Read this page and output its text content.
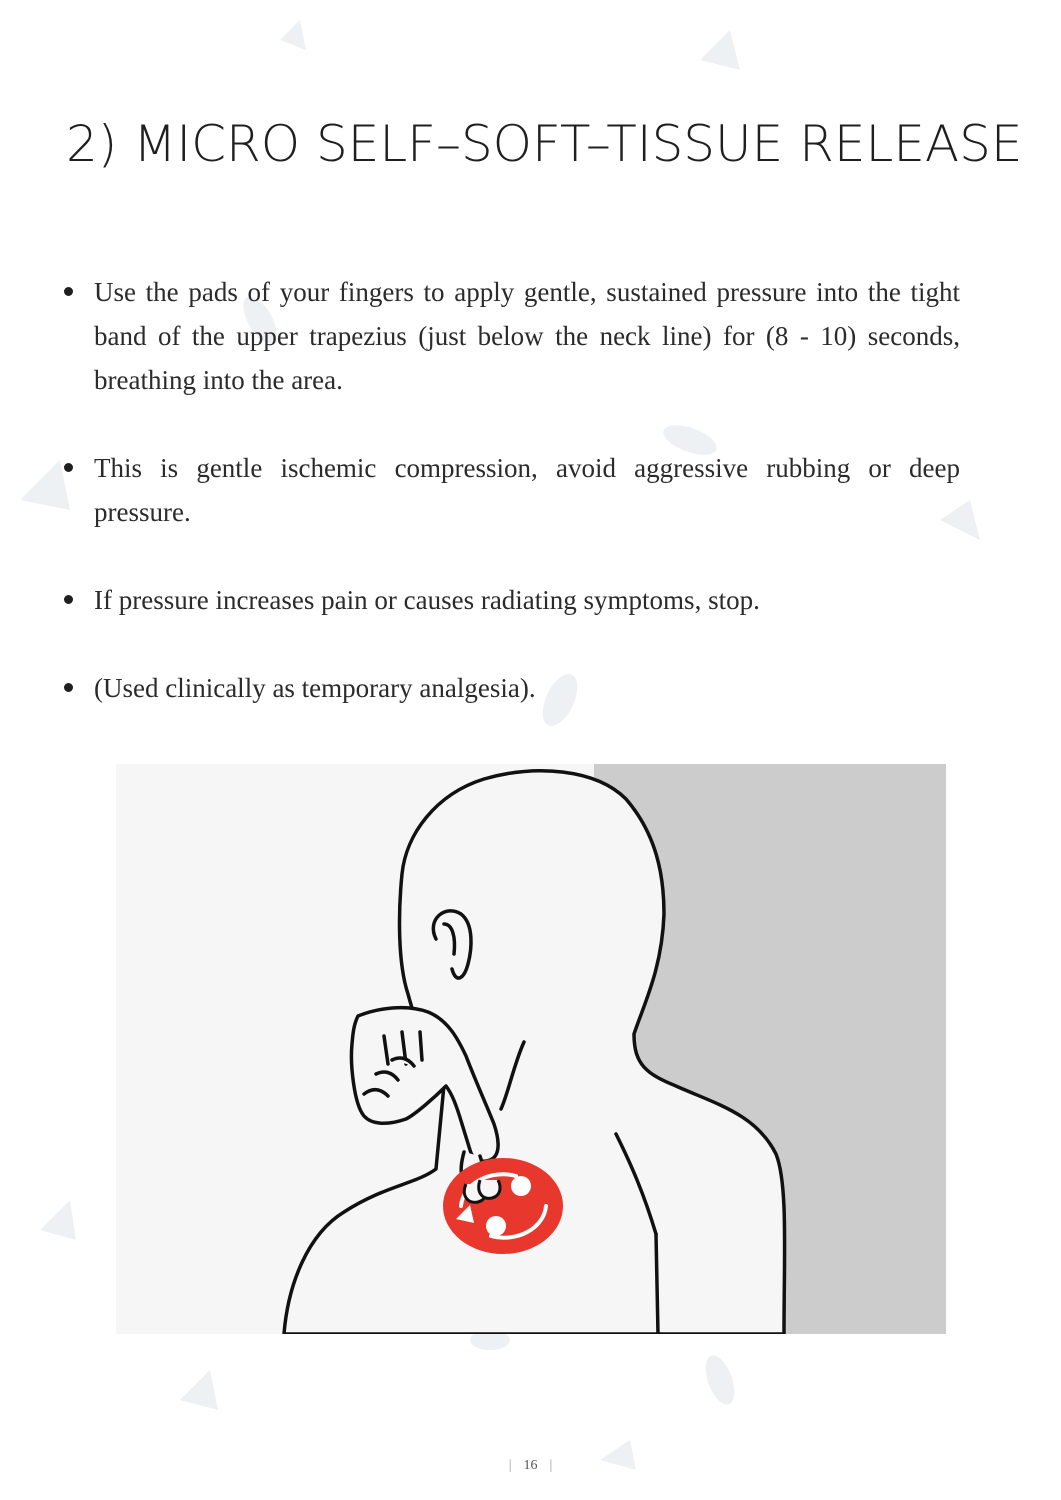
2) MICRO SELF–SOFT–TISSUE RELEASE
Use the pads of your fingers to apply gentle, sustained pressure into the tight band of the upper trapezius (just below the neck line) for (8 - 10) seconds, breathing into the area.
This is gentle ischemic compression, avoid aggressive rubbing or deep pressure.
If pressure increases pain or causes radiating symptoms, stop.
(Used clinically as temporary analgesia).
| 16 |
